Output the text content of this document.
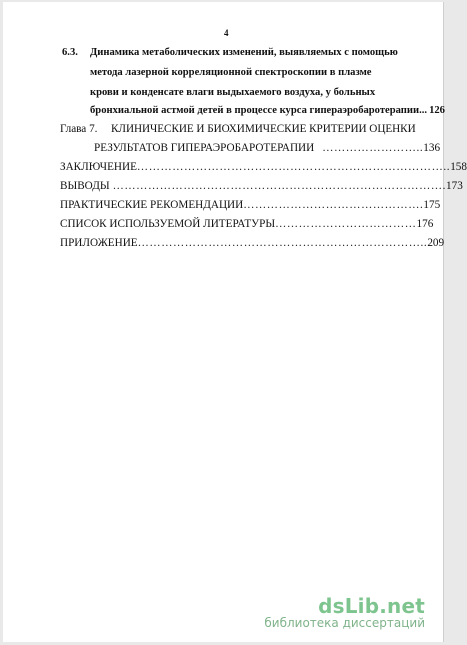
4
6.3. Динамика метаболических изменений, выявляемых с помощью
метода лазерной корреляционной спектроскопии в плазме
крови и конденсате влаги выдыхаемого воздуха, у больных
бронхиальной астмой детей в процессе курса гипераэробаротерапии ... 126
Глава 7. КЛИНИЧЕСКИЕ И БИОХИМИЧЕСКИЕ КРИТЕРИИ ОЦЕНКИ
РЕЗУЛЬТАТОВ ГИПЕРАЭРОБАРОТЕРАПИИ …………………….. 136
ЗАКЛЮЧЕНИЕ …………………………………………………………………….. 158
ВЫВОДЫ …………………………………………………………………………. 173
ПРАКТИЧЕСКИЕ РЕКОМЕНДАЦИИ ………………………………………. 175
СПИСОК ИСПОЛЬЗУЕМОЙ ЛИТЕРАТУРЫ ……………………………… 176
ПРИЛОЖЕНИЕ ……………………………………………………………….. 209
dsLib.net
библиотека диссертаций
